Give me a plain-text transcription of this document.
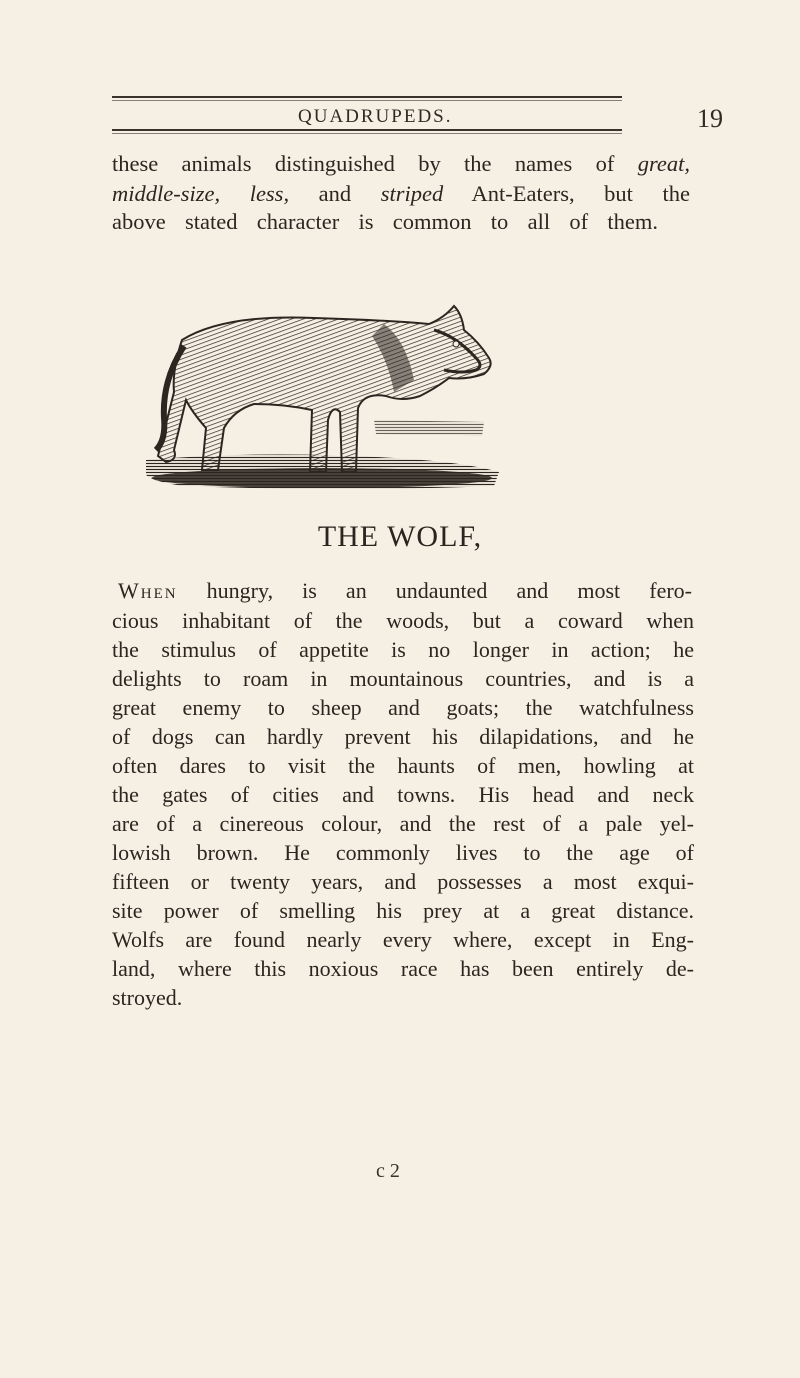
QUADRUPEDS.	19
these animals distinguished by the names of great,
middle-size, less, and striped Ant-Eaters, but the
above stated character is common to all of them.
THE WOLF,
When hungry, is an undaunted and most fero-
cious inhabitant of the woods, but a coward when
the stimulus of appetite is no longer in action; he
delights to roam in mountainous countries, and is a
great enemy to sheep and goats; the watchfulness
of dogs can hardly prevent his dilapidations, and he
often dares to visit the haunts of men, howling at
the gates of cities and towns. His head and neck
are of a cinereous colour, and the rest of a pale yel-
lowish brown. He commonly lives to the age of
fifteen or twenty years, and possesses a most exqui-
site power of smelling his prey at a great distance.
Wolfs are found nearly every where, except in Eng-
land, where this noxious race has been entirely de-
stroyed.
c 2
